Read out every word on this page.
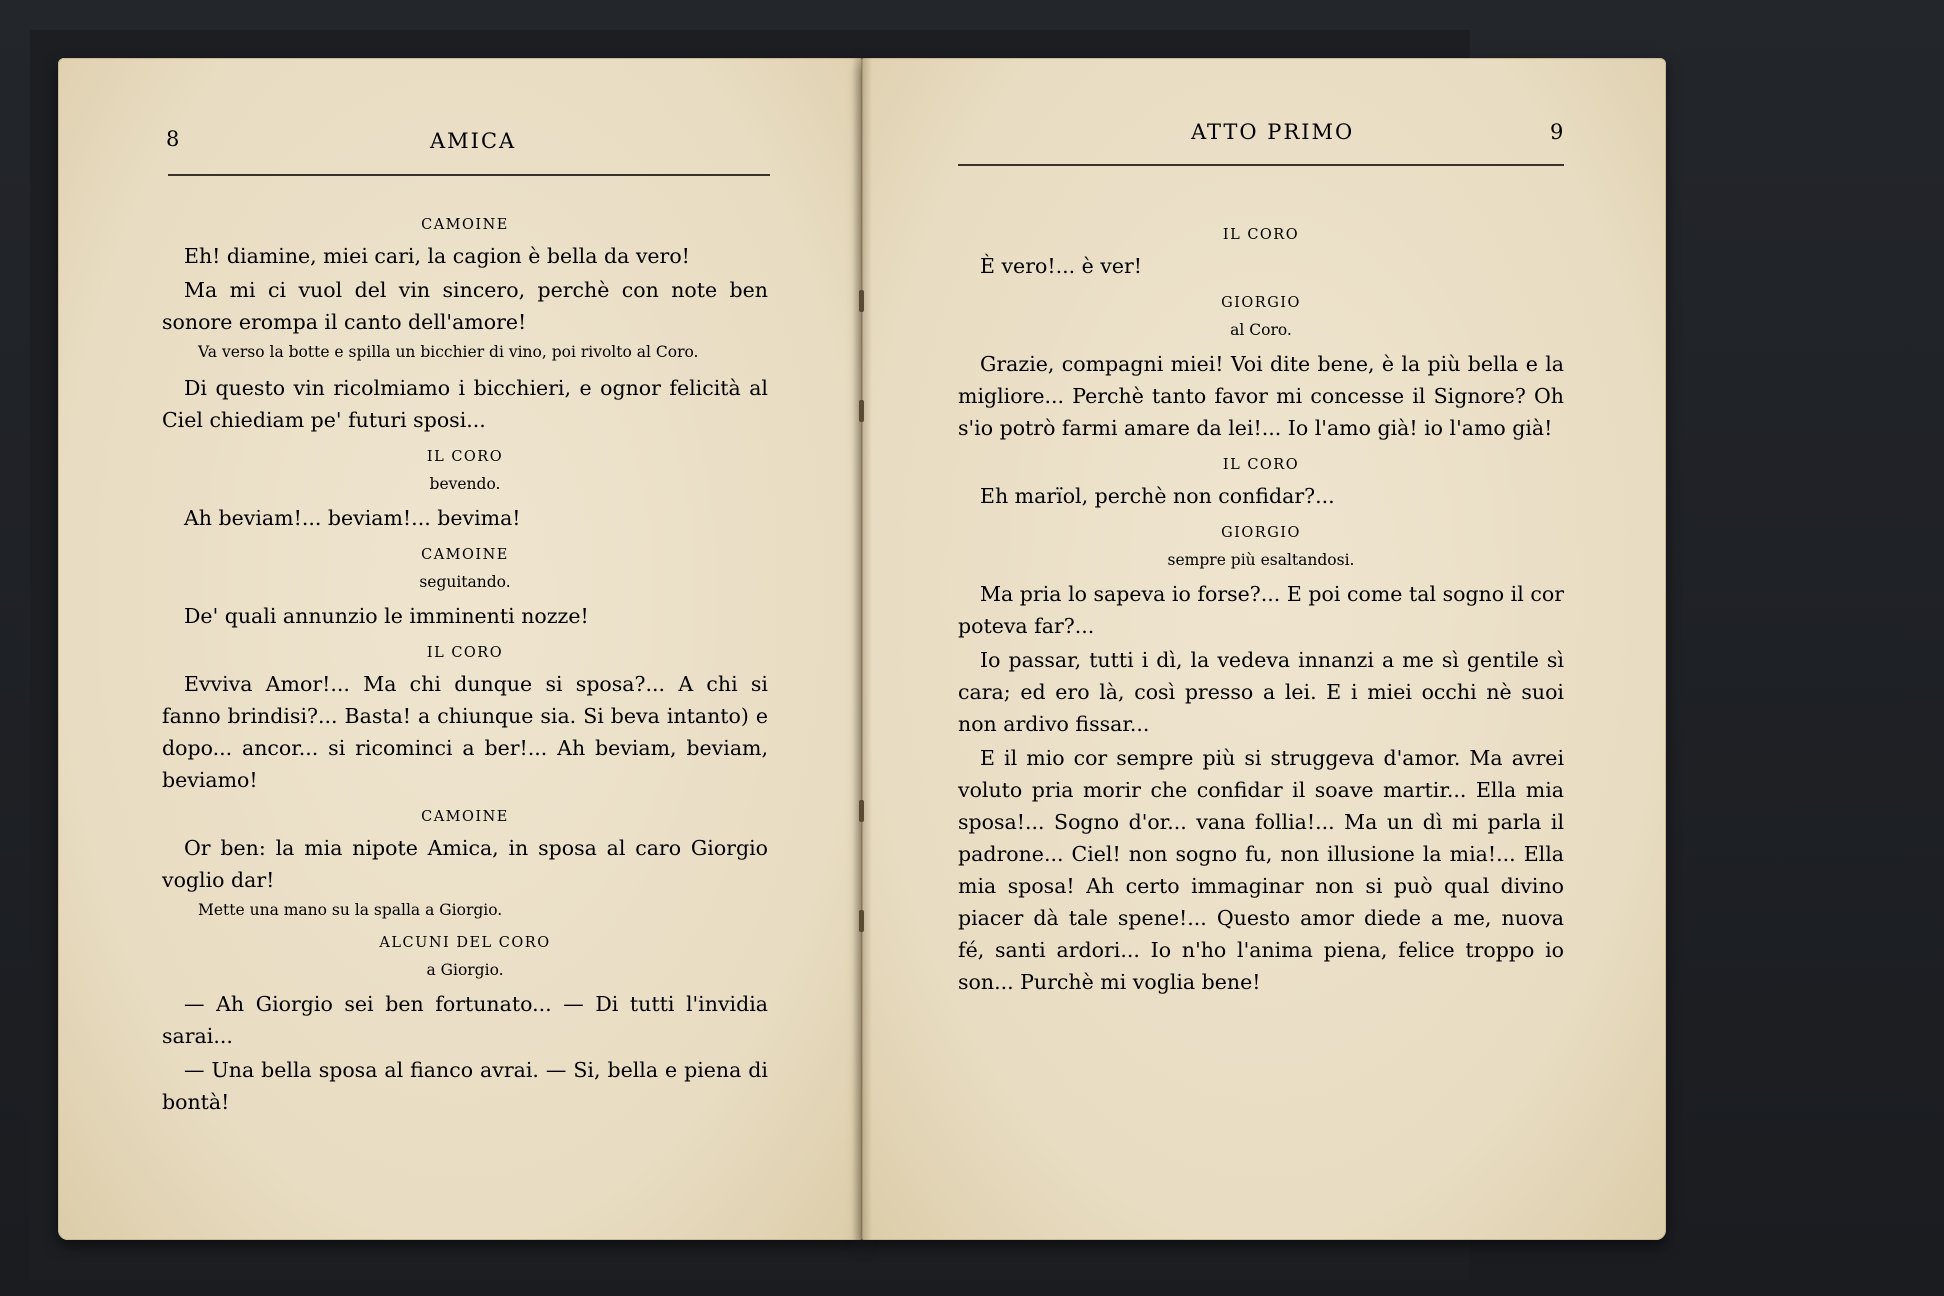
8	AMICA	ATTO PRIMO	9
CAMOINE
Eh! diamine, miei cari, la cagion è bella da vero!
Ma mi ci vuol del vin sincero, perchè con note ben sonore erompa il canto dell'amore!
Va verso la botte e spilla un bicchier di vino, poi rivolto al Coro.
Di questo vin ricolmiamo i bicchieri, e ognor felicità al Ciel chiediam pe' futuri sposi...
IL CORO
bevendo.
Ah beviam!... beviam!... bevima!
CAMOINE
seguitando.
De' quali annunzio le imminenti nozze!
IL CORO
Evviva Amor!... Ma chi dunque si sposa?... A chi si fanno brindisi?... Basta! a chiunque sia. Si beva intanto) e dopo... ancor... si ricominci a ber!... Ah beviam, beviam, beviamo!
CAMOINE
Or ben: la mia nipote Amica, in sposa al caro Giorgio voglio dar!
Mette una mano su la spalla a Giorgio.
ALCUNI DEL CORO
a Giorgio.
— Ah Giorgio sei ben fortunato... — Di tutti l'invidia sarai...
— Una bella sposa al fianco avrai. — Si, bella e piena di bontà!
IL CORO
È vero!... è ver!
GIORGIO
al Coro.
Grazie, compagni miei! Voi dite bene, è la più bella e la migliore... Perchè tanto favor mi concesse il Signore? Oh s'io potrò farmi amare da lei!... Io l'amo già! io l'amo già!
IL CORO
Eh marïol, perchè non confidar?...
GIORGIO
sempre più esaltandosi.
Ma pria lo sapeva io forse?... E poi come tal sogno il cor poteva far?...
Io passar, tutti i dì, la vedeva innanzi a me sì gentile sì cara; ed ero là, così presso a lei. E i miei occhi nè suoi non ardivo fissar...
E il mio cor sempre più si struggeva d'amor. Ma avrei voluto pria morir che confidar il soave martir... Ella mia sposa!... Sogno d'or... vana follia!... Ma un dì mi parla il padrone... Ciel! non sogno fu, non illusione la mia!... Ella mia sposa! Ah certo immaginar non si può qual divino piacer dà tale spene!... Questo amor diede a me, nuova fé, santi ardori... Io n'ho l'anima piena, felice troppo io son... Purchè mi voglia bene!
